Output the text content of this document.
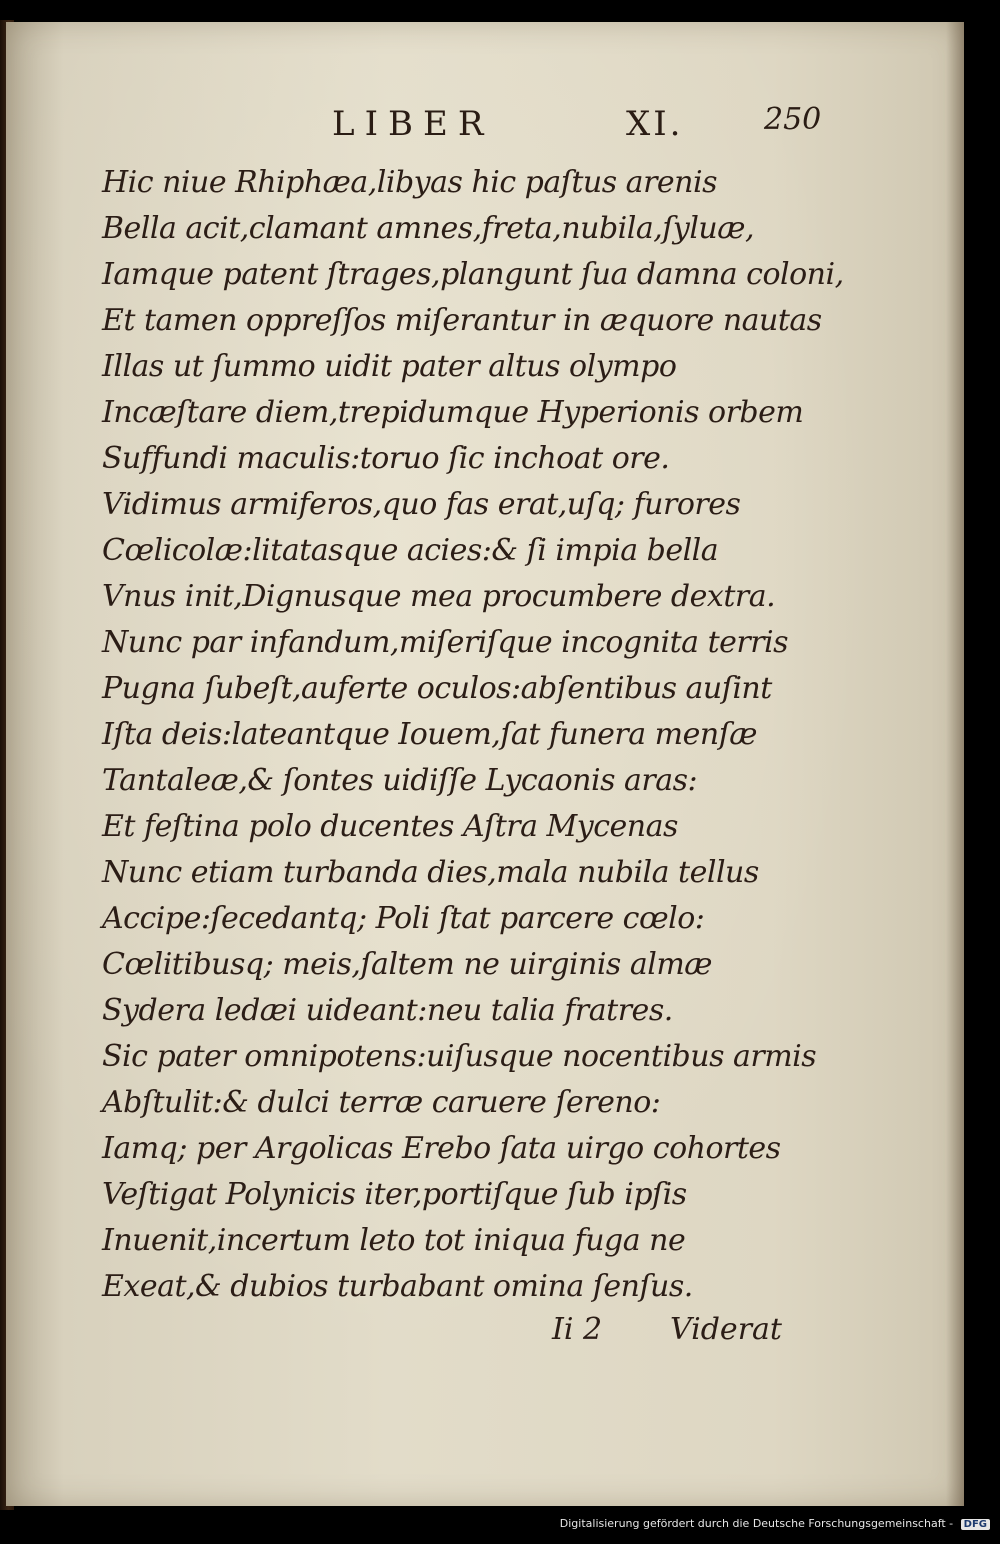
LIBER	XI.	250
Hic niue Rhiphæa,libyas hic paſtus arenis
Bella acit,clamant amnes,freta,nubila,ſyluæ,
Iamque patent ſtrages,plangunt ſua damna coloni,
Et tamen oppreſſos miſerantur in æquore nautas
Illas ut ſummo uidit pater altus olympo
Incæſtare diem,trepidumque Hyperionis orbem
Suffundi maculis:toruo ſic inchoat ore.
Vidimus armiferos,quo fas erat,uſq; furores
Cœlicolæ:litatasque acies:& ſi impia bella
Vnus init,Dignusque mea procumbere dextra.
Nunc par infandum,miſeriſque incognita terris
Pugna ſubeſt,auferte oculos:abſentibus auſint
Iſta deis:lateantque Iouem,ſat funera menſæ
Tantaleæ,& ſontes uidiſſe Lycaonis aras:
Et feſtina polo ducentes Aſtra Mycenas
Nunc etiam turbanda dies,mala nubila tellus
Accipe:ſecedantq; Poli ſtat parcere cœlo:
Cœlitibusq; meis,ſaltem ne uirginis almæ
Sydera ledæi uideant:neu talia fratres.
Sic pater omnipotens:uiſusque nocentibus armis
Abſtulit:& dulci terræ caruere ſereno:
Iamq; per Argolicas Erebo ſata uirgo cohortes
Veſtigat Polynicis iter,portiſque ſub ipſis
Inuenit,incertum leto tot iniqua fuga ne
Exeat,& dubios turbabant omina ſenſus.
Ii 2 Viderat
Digitalisierung gefördert durch die Deutsche Forschungsgemeinschaft - DFG
